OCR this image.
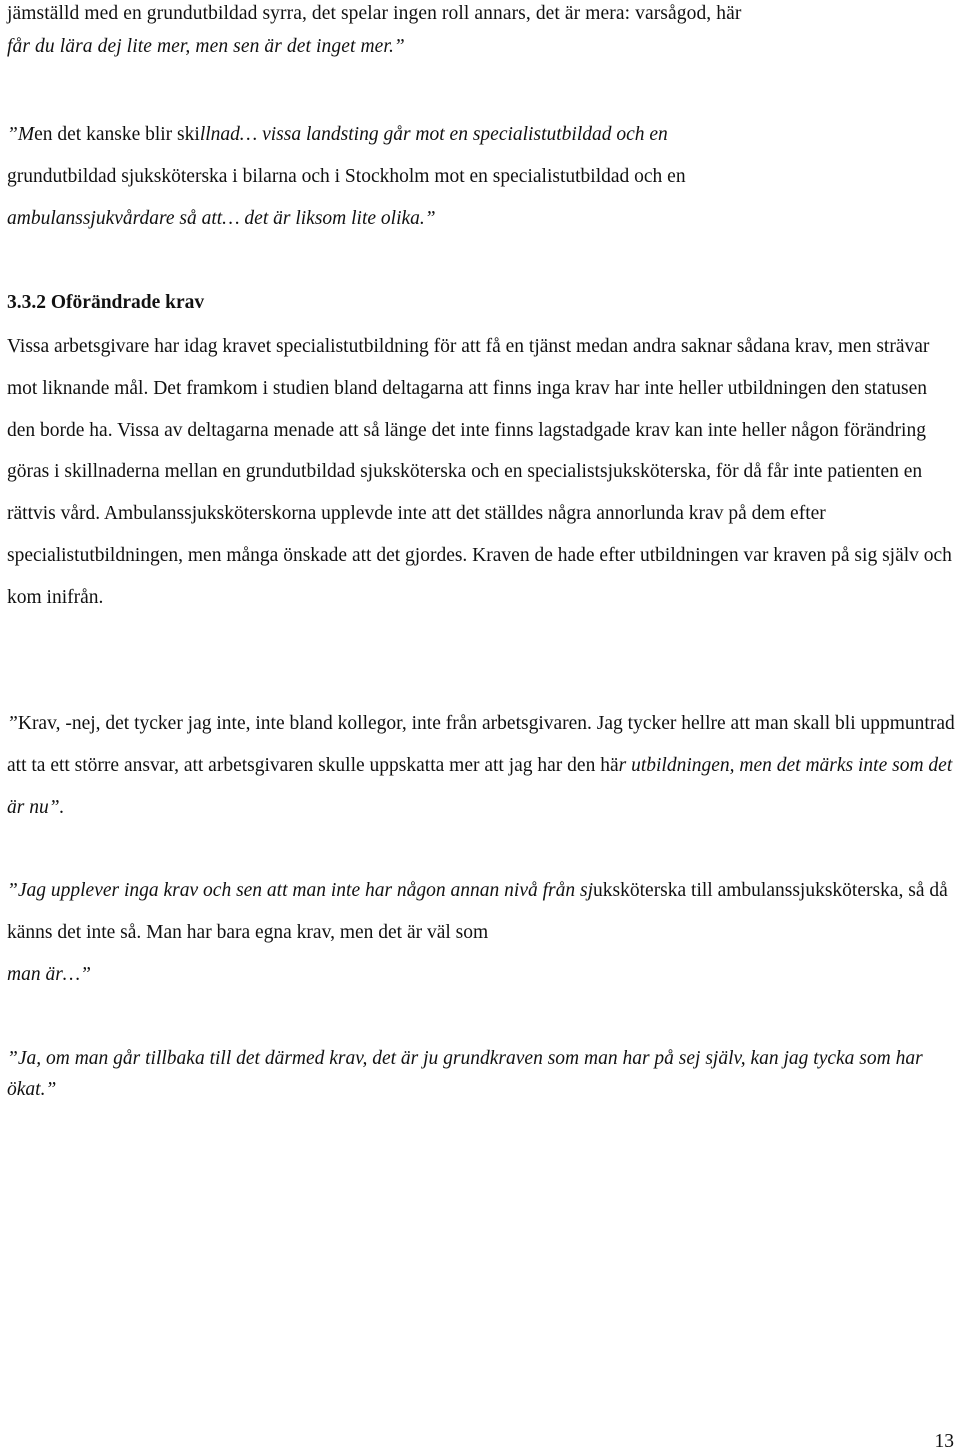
jämställd med en grundutbildad syrra, det spelar ingen roll annars, det är mera: varsågod, här
får du lära dej lite mer, men sen är det inget mer.”
”Men det kanske blir skillnad… vissa landsting går mot en specialistutbildad och en
grundutbildad sjuksköterska i bilarna och i Stockholm mot en specialistutbildad och en
ambulanssjukvårdare så att… det är liksom lite olika.”
3.3.2 Oförändrade krav
Vissa arbetsgivare har idag kravet specialistutbildning för att få en tjänst medan andra saknar sådana krav, men strävar mot liknande mål. Det framkom i studien bland deltagarna att finns inga krav har inte heller utbildningen den statusen den borde ha. Vissa av deltagarna menade att så länge det inte finns lagstadgade krav kan inte heller någon förändring göras i skillnaderna mellan en grundutbildad sjuksköterska och en specialistsjuksköterska, för då får inte patienten en rättvis vård. Ambulanssjuksköterskorna upplevde inte att det ställdes några annorlunda krav på dem efter specialistutbildningen, men många önskade att det gjordes. Kraven de hade efter utbildningen var kraven på sig själv och kom inifrån.
”Krav, -nej, det tycker jag inte, inte bland kollegor, inte från arbetsgivaren. Jag tycker hellre att man skall bli uppmuntrad att ta ett större ansvar, att arbetsgivaren skulle uppskatta mer att jag har den här utbildningen, men det märks inte som det är nu”.
”Jag upplever inga krav och sen att man inte har någon annan nivå från sjuksköterska till ambulanssjuksköterska, så då känns det inte så. Man har bara egna krav, men det är väl som
man är…”
”Ja, om man går tillbaka till det därmed krav, det är ju grundkraven som man har på sej själv, kan jag tycka som har ökat.”
13
